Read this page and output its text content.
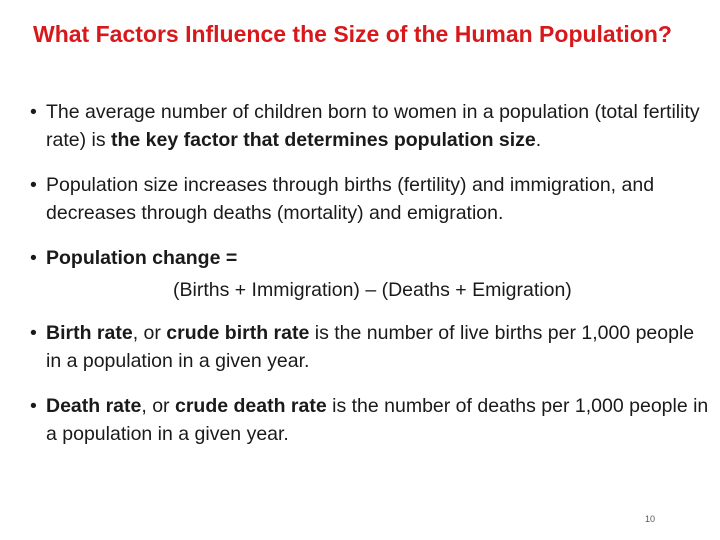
What Factors Influence the Size of the Human Population?
• The average number of children born to women in a population (total fertility rate) is the key factor that determines population size.
• Population size increases through births (fertility) and immigration, and decreases through deaths (mortality) and emigration.
• Population change =
(Births + Immigration) – (Deaths + Emigration)
• Birth rate, or crude birth rate is the number of live births per 1,000 people in a population in a given year.
• Death rate, or crude death rate is the number of deaths per 1,000 people in a population in a given year.
10
